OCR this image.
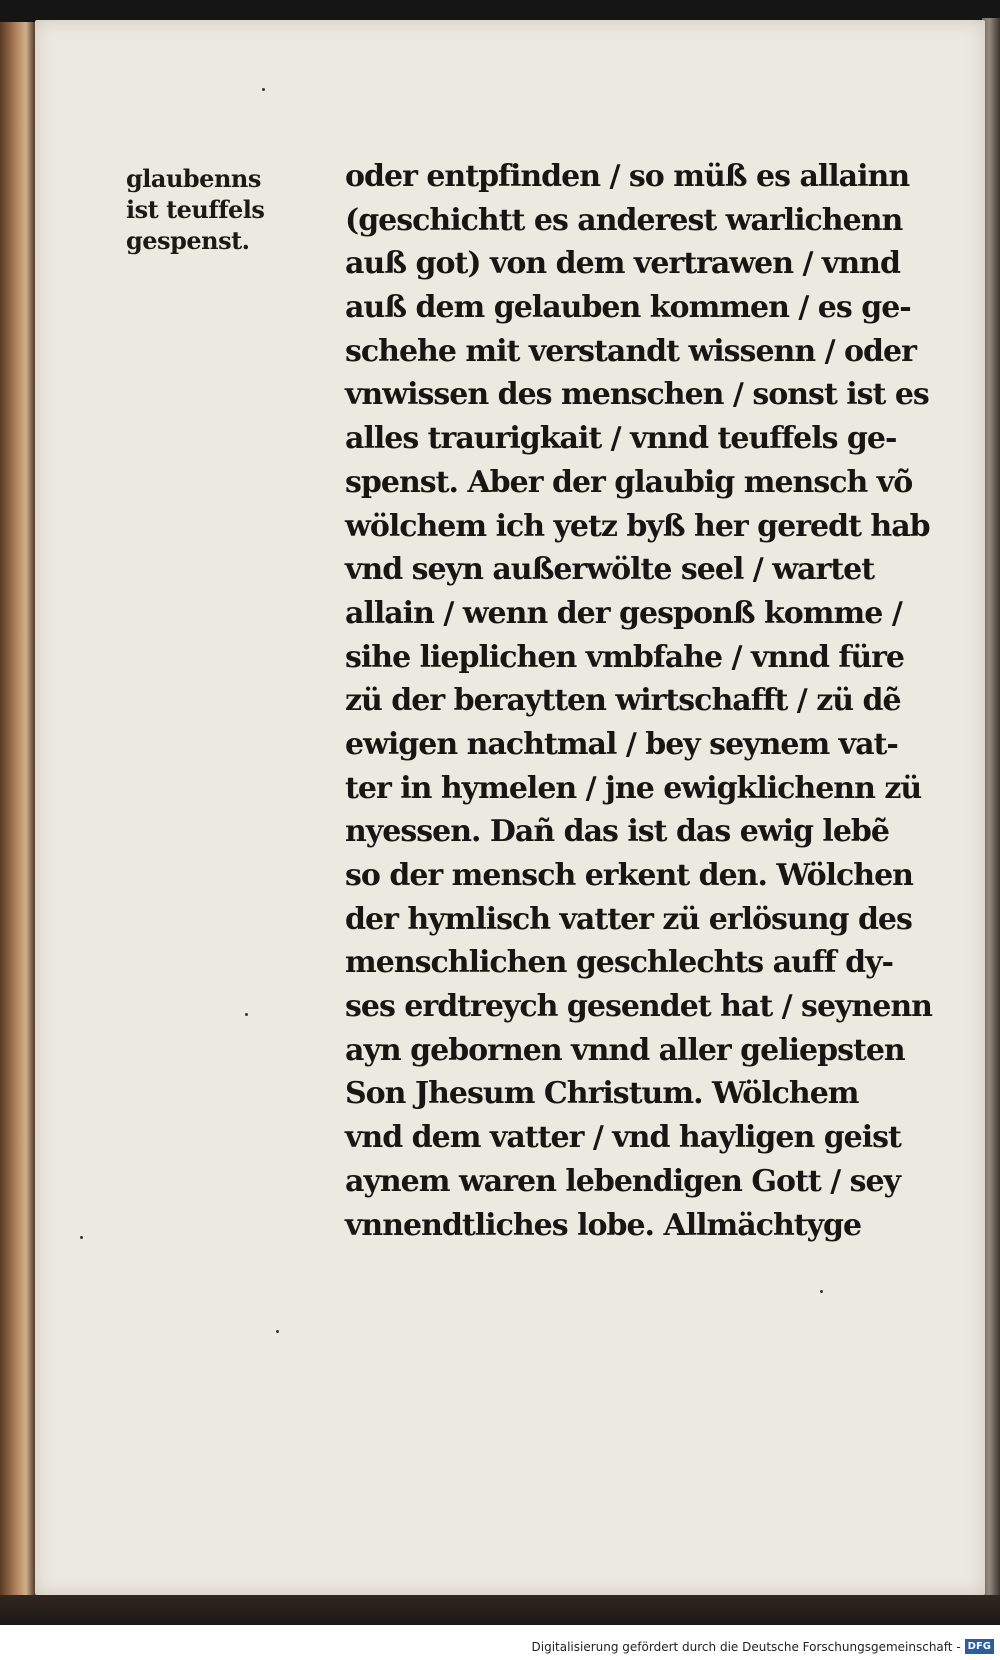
glaubenns
ist teuffels
gespenst.
oder entpfinden / so müß es allainn
(geschichtt es anderest warlichenn
auß got) von dem vertrawen / vnnd
auß dem gelauben kommen / es ge‑
schehe mit verstandt wissenn / oder
vnwissen des menschen / sonst ist es
alles traurigkait / vnnd teuffels ge‑
spenst. Aber der glaubig mensch võ
wölchem ich yetz byß her geredt hab
vnd seyn außerwölte seel / wartet
allain / wenn der gesponß komme /
sihe lieplichen vmbfahe / vnnd füre
zü der beraytten wirtschafft / zü dẽ
ewigen nachtmal / bey seynem vat‑
ter in hymelen / jne ewigklichenn zü
nyessen. Dañ das ist das ewig lebẽ
so der mensch erkent den. Wölchen
der hymlisch vatter zü erlösung des
menschlichen geschlechts auff dy‑
ses erdtreych gesendet hat / seynenn
ayn gebornen vnnd aller geliepsten
Son Jhesum Christum. Wölchem
vnd dem vatter / vnd hayligen geist
aynem waren lebendigen Gott / sey
vnnendtliches lobe. Allmächtyge
Digitalisierung gefördert durch die Deutsche Forschungsgemeinschaft - DFG
